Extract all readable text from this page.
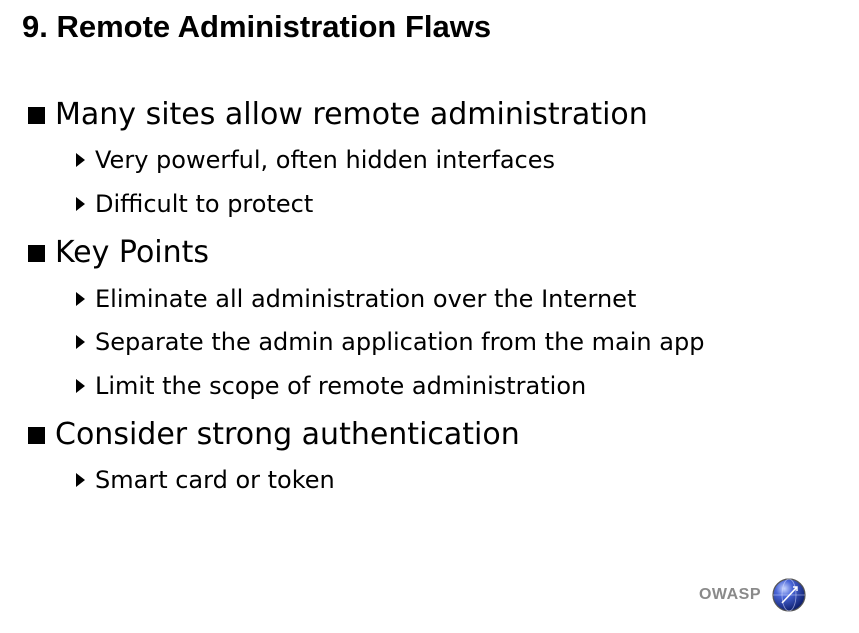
9. Remote Administration Flaws
Many sites allow remote administration
Very powerful, often hidden interfaces
Difficult to protect
Key Points
Eliminate all administration over the Internet
Separate the admin application from the main app
Limit the scope of remote administration
Consider strong authentication
Smart card or token
OWASP
